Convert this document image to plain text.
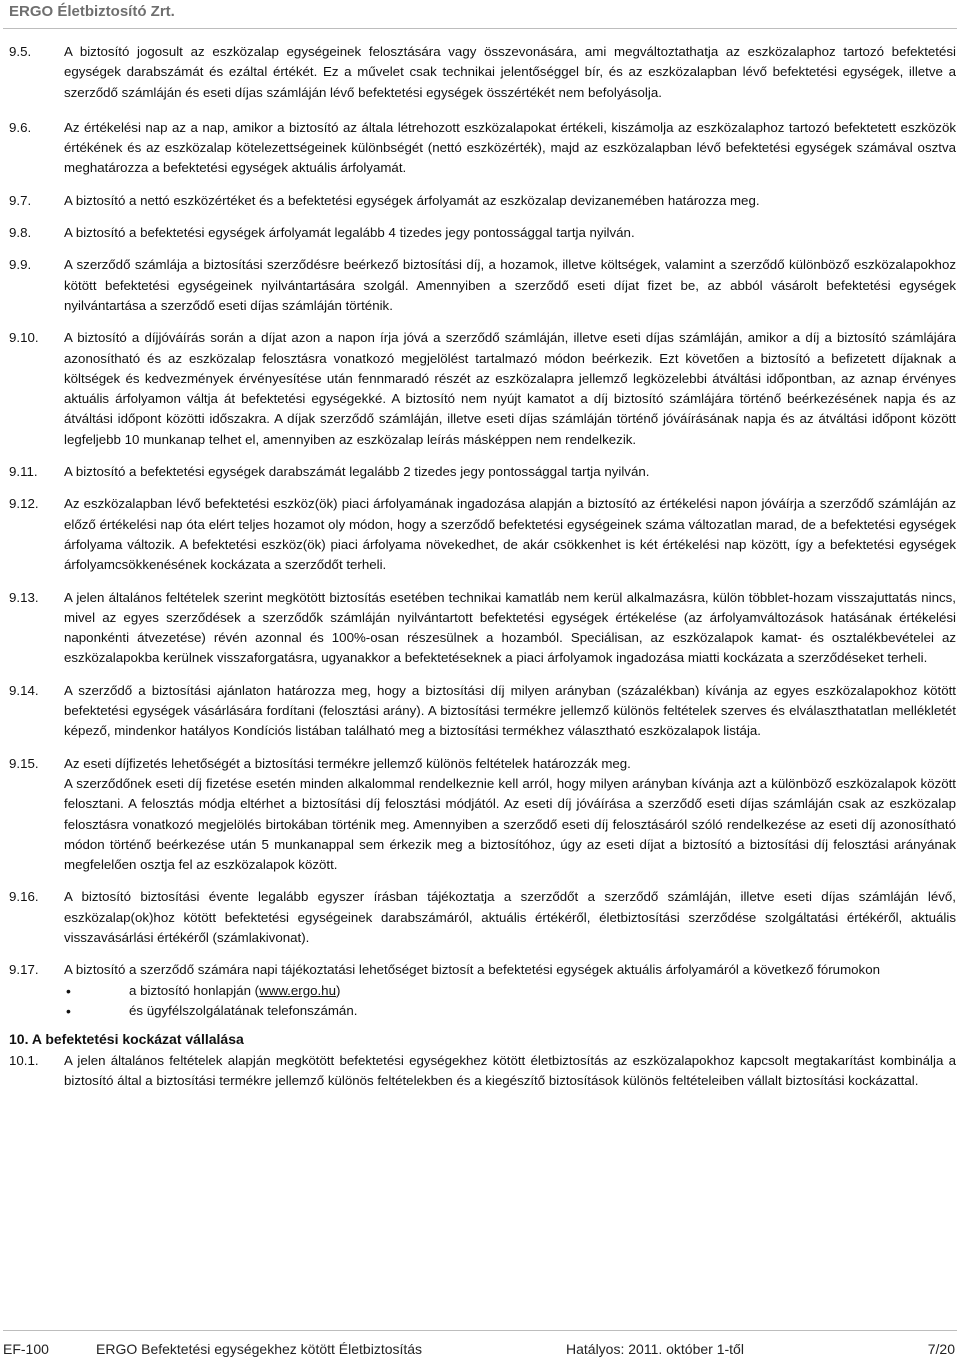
ERGO Életbiztosító Zrt.
9.5.	A biztosító jogosult az eszközalap egységeinek felosztására vagy összevonására, ami megváltoztathatja az eszközalaphoz tartozó befektetési egységek darabszámát és ezáltal értékét. Ez a művelet csak technikai jelentőséggel bír, és az eszközalapban lévő befektetési egységek, illetve a szerződő számláján és eseti díjas számláján lévő befektetési egységek összértékét nem befolyásolja.
9.6.	Az értékelési nap az a nap, amikor a biztosító az általa létrehozott eszközalapokat értékeli, kiszámolja az eszközalaphoz tartozó befektetett eszközök értékének és az eszközalap kötelezettségeinek különbségét (nettó eszközérték), majd az eszközalapban lévő befektetési egységek számával osztva meghatározza a befektetési egységek aktuális árfolyamát.
9.7.	A biztosító a nettó eszközértéket és a befektetési egységek árfolyamát az eszközalap devizanemében határozza meg.
9.8.	A biztosító a befektetési egységek árfolyamát legalább 4 tizedes jegy pontossággal tartja nyilván.
9.9.	A szerződő számlája a biztosítási szerződésre beérkező biztosítási díj, a hozamok, illetve költségek, valamint a szerződő különböző eszközalapokhoz kötött befektetési egységeinek nyilvántartására szolgál. Amennyiben a szerződő eseti díjat fizet be, az abból vásárolt befektetési egységek nyilvántartása a szerződő eseti díjas számláján történik.
9.10.	A biztosító a díjjóváírás során a díjat azon a napon írja jóvá a szerződő számláján, illetve eseti díjas számláján, amikor a díj a biztosító számlájára azonosítható és az eszközalap felosztásra vonatkozó megjelölést tartalmazó módon beérkezik. Ezt követően a biztosító a befizetett díjaknak a költségek és kedvezmények érvényesítése után fennmaradó részét az eszközalapra jellemző legközelebbi átváltási időpontban, az aznap érvényes aktuális árfolyamon váltja át befektetési egységekké. A biztosító nem nyújt kamatot a díj biztosító számlájára történő beérkezésének napja és az átváltási időpont közötti időszakra. A díjak szerződő számláján, illetve eseti díjas számláján történő jóváírásának napja és az átváltási időpont között legfeljebb 10 munkanap telhet el, amennyiben az eszközalap leírás másképpen nem rendelkezik.
9.11.	A biztosító a befektetési egységek darabszámát legalább 2 tizedes jegy pontossággal tartja nyilván.
9.12.	Az eszközalapban lévő befektetési eszköz(ök) piaci árfolyamának ingadozása alapján a biztosító az értékelési napon jóváírja a szerződő számláján az előző értékelési nap óta elért teljes hozamot oly módon, hogy a szerződő befektetési egységeinek száma változatlan marad, de a befektetési egységek árfolyama változik. A befektetési eszköz(ök) piaci árfolyama növekedhet, de akár csökkenhet is két értékelési nap között, így a befektetési egységek árfolyamcsökkenésének kockázata a szerződőt terheli.
9.13.	A jelen általános feltételek szerint megkötött biztosítás esetében technikai kamatláb nem kerül alkalmazásra, külön többlet-hozam visszajuttatás nincs, mivel az egyes szerződések a szerződők számláján nyilvántartott befektetési egységek értékelése (az árfolyamváltozások hatásának értékelési naponkénti átvezetése) révén azonnal és 100%-osan részesülnek a hozamból. Speciálisan, az eszközalapok kamat- és osztalékbevételei az eszközalapokba kerülnek visszaforgatásra, ugyanakkor a befektetéseknek a piaci árfolyamok ingadozása miatti kockázata a szerződéseket terheli.
9.14.	A szerződő a biztosítási ajánlaton határozza meg, hogy a biztosítási díj milyen arányban (százalékban) kívánja az egyes eszközalapokhoz kötött befektetési egységek vásárlására fordítani (felosztási arány). A biztosítási termékre jellemző különös feltételek szerves és elválaszthatatlan mellékletét képező, mindenkor hatályos Kondíciós listában található meg a biztosítási termékhez választható eszközalapok listája.
9.15.	Az eseti díjfizetés lehetőségét a biztosítási termékre jellemző különös feltételek határozzák meg.

A szerződőnek eseti díj fizetése esetén minden alkalommal rendelkeznie kell arról, hogy milyen arányban kívánja azt a különböző eszközalapok között felosztani. A felosztás módja eltérhet a biztosítási díj felosztási módjától. Az eseti díj jóváírása a szerződő eseti díjas számláján csak az eszközalap felosztásra vonatkozó megjelölés birtokában történik meg. Amennyiben a szerződő eseti díj felosztásáról szóló rendelkezése az eseti díj azonosítható módon történő beérkezése után 5 munkanappal sem érkezik meg a biztosítóhoz, úgy az eseti díjat a biztosító a biztosítási díj felosztási arányának megfelelően osztja fel az eszközalapok között.

9.16.	A biztosító biztosítási évente legalább egyszer írásban tájékoztatja a szerződőt a szerződő számláján, illetve eseti díjas számláján lévő, eszközalap(ok)hoz kötött befektetési egységeinek darabszámáról, aktuális értékéről, életbiztosítási szerződése szolgáltatási értékéről, aktuális visszavásárlási értékéről (számlakivonat).
9.17.	A biztosító a szerződő számára napi tájékoztatási lehetőséget biztosít a befektetési egységek aktuális árfolyamáról a következő fórumokon

•	a biztosító honlapján (www.ergo.hu)
•	és ügyfélszolgálatának telefonszámán.
10. A befektetési kockázat vállalása
10.1.	A jelen általános feltételek alapján megkötött befektetési egységekhez kötött életbiztosítás az eszközalapokhoz kapcsolt megtakarítást kombinálja a biztosító által a biztosítási termékre jellemző különös feltételekben és a kiegészítő biztosítások különös feltételeiben vállalt biztosítási kockázattal.
EF-100	ERGO Befektetési egységekhez kötött Életbiztosítás	Hatályos: 2011. október 1-től	7/20
